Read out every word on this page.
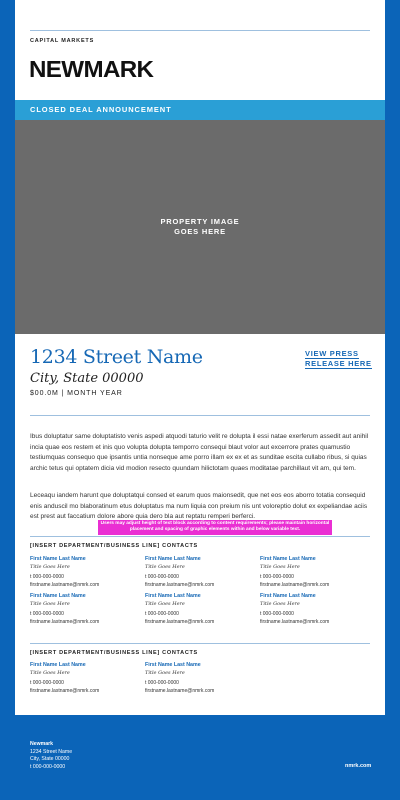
CAPITAL MARKETS
NEWMARK
CLOSED DEAL ANNOUNCEMENT
PROPERTY IMAGE GOES HERE
1234 Street Name
City, State 00000
$00.0M | MONTH YEAR
VIEW PRESS RELEASE HERE
Ibus doluptatur same doluptatisto venis aspedi atquodi taturio velit re dolupta il essi natae exerferum assedit aut anihil incia quae eos restem et inis quo volupta dolupta temporro consequi blaut volor aut excerrore prates quamustio testiumquas consequo que ipsantis untia nonseque ame porro illam ex ex et as sunditae escita cullabo ribus, si quias archic tetus qui optatem dicia vid modion resecto quundam hilictotam quaes moditatae parchillaut vit am, qui tem.
Leceaqu iandem harunt que doluptatqui consed et earum quos maionsedit, que net eos eos aborro totatia consequid enis anduscil mo blaboratinum etus doluptatus ma num liquia con preium nis unt voloreptio dolut ex expeliandae aciis est prest aut faccatium dolore abore quia dero bla aut reptatu remperi berferci.
Users may adjust height of text block according to content requirements; please maintain horizontal placement and spacing of graphic elements within and below variable text.
[INSERT DEPARTMENT/BUSINESS LINE] CONTACTS
First Name Last Name
Title Goes Here
t 000-000-0000
firstname.lastname@nmrk.com
First Name Last Name
Title Goes Here
t 000-000-0000
firstname.lastname@nmrk.com
First Name Last Name
Title Goes Here
t 000-000-0000
firstname.lastname@nmrk.com
First Name Last Name
Title Goes Here
t 000-000-0000
firstname.lastname@nmrk.com
First Name Last Name
Title Goes Here
t 000-000-0000
firstname.lastname@nmrk.com
First Name Last Name
Title Goes Here
t 000-000-0000
firstname.lastname@nmrk.com
[INSERT DEPARTMENT/BUSINESS LINE] CONTACTS
First Name Last Name
Title Goes Here
t 000-000-0000
firstname.lastname@nmrk.com
First Name Last Name
Title Goes Here
t 000-000-0000
firstname.lastname@nmrk.com
Newmark
1234 Street Name
City, State 00000
t 000-000-0000	nmrk.com
